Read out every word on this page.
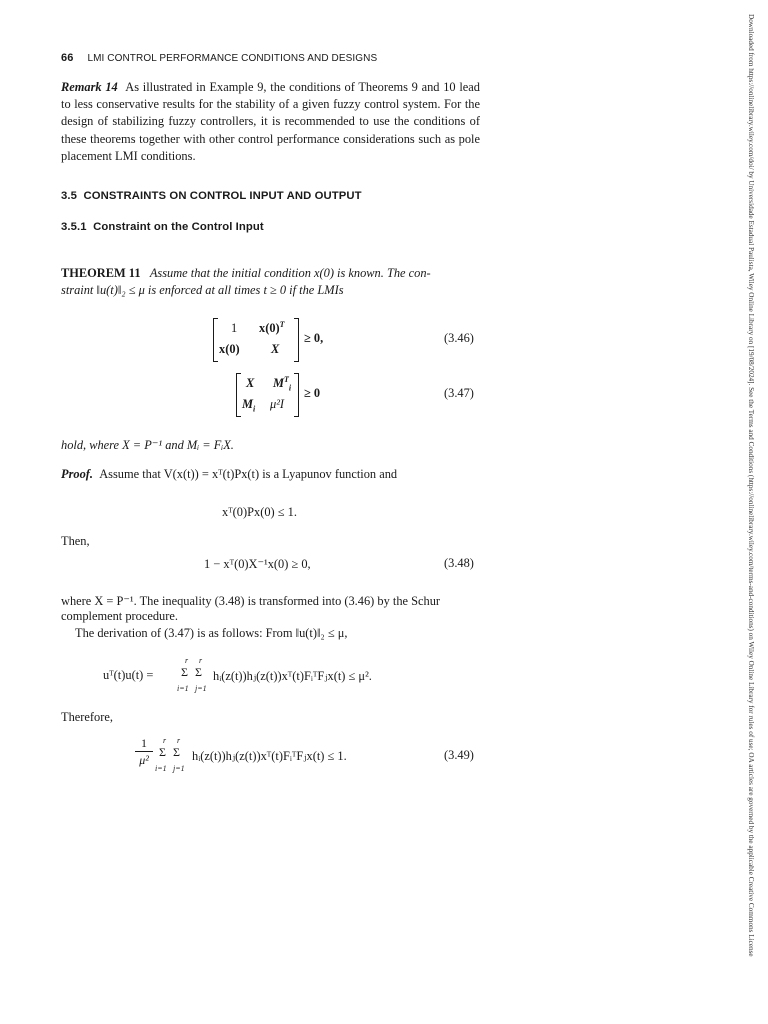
66 LMI CONTROL PERFORMANCE CONDITIONS AND DESIGNS
Remark 14 As illustrated in Example 9, the conditions of Theorems 9 and 10 lead to less conservative results for the stability of a given fuzzy control system. For the design of stabilizing fuzzy controllers, it is recommended to use the conditions of these theorems together with other control performance considerations such as pole placement LMI conditions.
3.5 CONSTRAINTS ON CONTROL INPUT AND OUTPUT
3.5.1 Constraint on the Control Input
THEOREM 11 Assume that the initial condition x(0) is known. The con-
straint ‖u(t)‖₂ ≤ μ is enforced at all times t ≥ 0 if the LMIs
1 $x(0)^T$
x(0)	X
≥ 0,	(3.46)
X $M^T_i$
$M_i$ μ²I
≥ 0	(3.47)
hold, where X = P⁻¹ and Mᵢ = FᵢX.
Proof. Assume that V(x(t)) = xᵀ(t)Px(t) is a Lyapunov function and
xᵀ(0)Px(0) ≤ 1.
Then,
1 − xᵀ(0)X⁻¹x(0) ≥ 0,	(3.48)
where X = P⁻¹. The inequality (3.48) is transformed into (3.46) by the Schur
complement procedure.
The derivation of (3.47) is as follows: From ‖u(t)‖₂ ≤ μ,
uᵀ(t)u(t) =
r r
Σ Σ
i=1 j=1
hᵢ(z(t))hⱼ(z(t))xᵀ(t)FᵢᵀFⱼx(t) ≤ μ².
Therefore,
1
μ²
r r
Σ Σ
i=1 j=1
hᵢ(z(t))hⱼ(z(t))xᵀ(t)FᵢᵀFⱼx(t) ≤ 1.	(3.49)	Downloaded from https://onlinelibrary.wiley.com/doi/ by Universidade Estadual Paulista, Wiley Online Library on [19/08/2024]. See the Terms and Conditions (https://onlinelibrary.wiley.com/terms-and-conditions) on Wiley Online Library for rules of use; OA articles are governed by the applicable Creative Commons License
